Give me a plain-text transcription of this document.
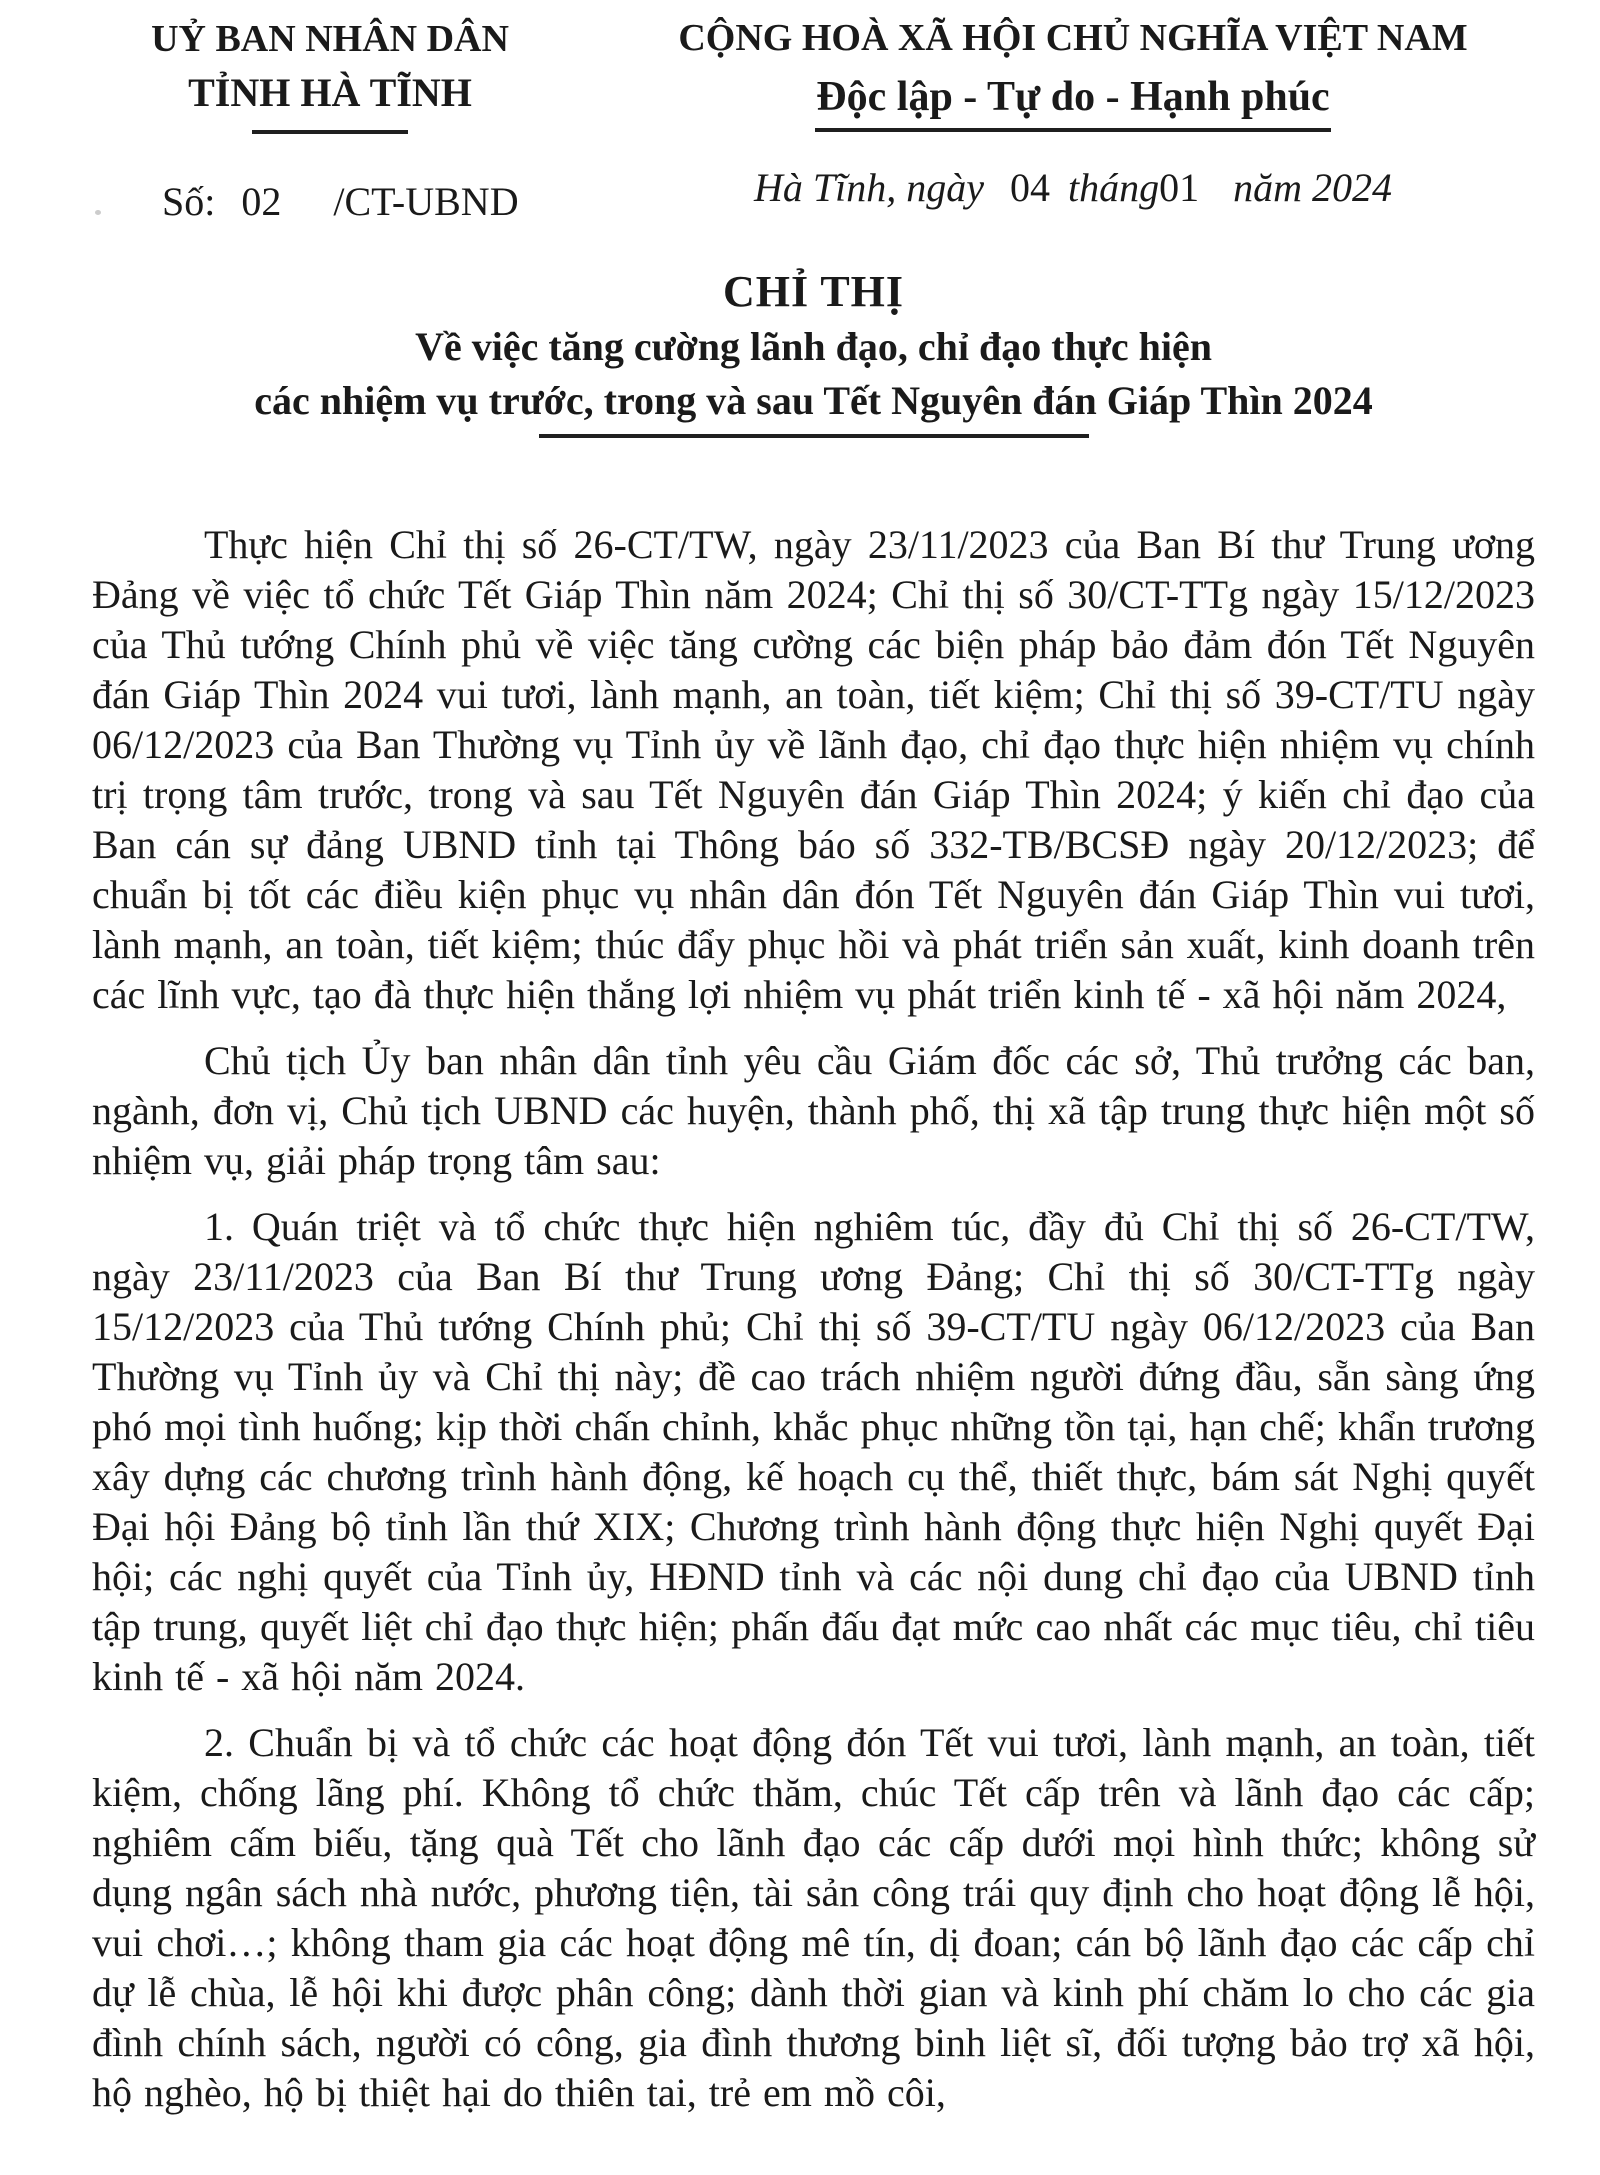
UỶ BAN NHÂN DÂN
TỈNH HÀ TĨNH
Số: 02 /CT-UBND
CỘNG HOÀ XÃ HỘI CHỦ NGHĨA VIỆT NAM
Độc lập - Tự do - Hạnh phúc
Hà Tĩnh, ngày 04 tháng01 năm 2024
CHỈ THỊ
Về việc tăng cường lãnh đạo, chỉ đạo thực hiện
các nhiệm vụ trước, trong và sau Tết Nguyên đán Giáp Thìn 2024

Thực hiện Chỉ thị số 26-CT/TW, ngày 23/11/2023 của Ban Bí thư Trung ương Đảng về việc tổ chức Tết Giáp Thìn năm 2024; Chỉ thị số 30/CT-TTg ngày 15/12/2023 của Thủ tướng Chính phủ về việc tăng cường các biện pháp bảo đảm đón Tết Nguyên đán Giáp Thìn 2024 vui tươi, lành mạnh, an toàn, tiết kiệm; Chỉ thị số 39-CT/TU ngày 06/12/2023 của Ban Thường vụ Tỉnh ủy về lãnh đạo, chỉ đạo thực hiện nhiệm vụ chính trị trọng tâm trước, trong và sau Tết Nguyên đán Giáp Thìn 2024; ý kiến chỉ đạo của Ban cán sự đảng UBND tỉnh tại Thông báo số 332-TB/BCSĐ ngày 20/12/2023; để chuẩn bị tốt các điều kiện phục vụ nhân dân đón Tết Nguyên đán Giáp Thìn vui tươi, lành mạnh, an toàn, tiết kiệm; thúc đẩy phục hồi và phát triển sản xuất, kinh doanh trên các lĩnh vực, tạo đà thực hiện thắng lợi nhiệm vụ phát triển kinh tế - xã hội năm 2024,

Chủ tịch Ủy ban nhân dân tỉnh yêu cầu Giám đốc các sở, Thủ trưởng các ban, ngành, đơn vị, Chủ tịch UBND các huyện, thành phố, thị xã tập trung thực hiện một số nhiệm vụ, giải pháp trọng tâm sau:

1. Quán triệt và tổ chức thực hiện nghiêm túc, đầy đủ Chỉ thị số 26-CT/TW, ngày 23/11/2023 của Ban Bí thư Trung ương Đảng; Chỉ thị số 30/CT-TTg ngày 15/12/2023 của Thủ tướng Chính phủ; Chỉ thị số 39-CT/TU ngày 06/12/2023 của Ban Thường vụ Tỉnh ủy và Chỉ thị này; đề cao trách nhiệm người đứng đầu, sẵn sàng ứng phó mọi tình huống; kịp thời chấn chỉnh, khắc phục những tồn tại, hạn chế; khẩn trương xây dựng các chương trình hành động, kế hoạch cụ thể, thiết thực, bám sát Nghị quyết Đại hội Đảng bộ tỉnh lần thứ XIX; Chương trình hành động thực hiện Nghị quyết Đại hội; các nghị quyết của Tỉnh ủy, HĐND tỉnh và các nội dung chỉ đạo của UBND tỉnh tập trung, quyết liệt chỉ đạo thực hiện; phấn đấu đạt mức cao nhất các mục tiêu, chỉ tiêu kinh tế - xã hội năm 2024.

2. Chuẩn bị và tổ chức các hoạt động đón Tết vui tươi, lành mạnh, an toàn, tiết kiệm, chống lãng phí. Không tổ chức thăm, chúc Tết cấp trên và lãnh đạo các cấp; nghiêm cấm biếu, tặng quà Tết cho lãnh đạo các cấp dưới mọi hình thức; không sử dụng ngân sách nhà nước, phương tiện, tài sản công trái quy định cho hoạt động lễ hội, vui chơi…; không tham gia các hoạt động mê tín, dị đoan; cán bộ lãnh đạo các cấp chỉ dự lễ chùa, lễ hội khi được phân công; dành thời gian và kinh phí chăm lo cho các gia đình chính sách, người có công, gia đình thương binh liệt sĩ, đối tượng bảo trợ xã hội, hộ nghèo, hộ bị thiệt hại do thiên tai, trẻ em mồ côi,
